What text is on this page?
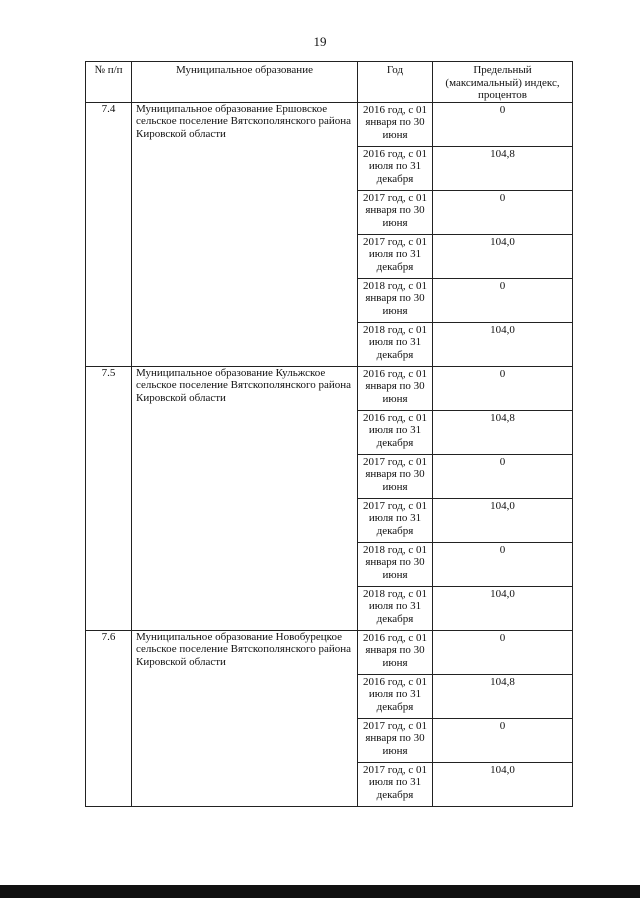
19
№ п/п	Муниципальное образование	Год	Предельный (максимальный) индекс, процентов
7.4	Муниципальное образование Ершовское сельское поселение Вятскополянского района Кировской области	2016 год, с 01 января по 30 июня	0
		2016 год, с 01 июля по 31 декабря	104,8
		2017 год, с 01 января по 30 июня	0
		2017 год, с 01 июля по 31 декабря	104,0
		2018 год, с 01 января по 30 июня	0
		2018 год, с 01 июля по 31 декабря	104,0
7.5	Муниципальное образование Кульжское сельское поселение Вятскополянского района Кировской области	2016 год, с 01 января по 30 июня	0
		2016 год, с 01 июля по 31 декабря	104,8
		2017 год, с 01 января по 30 июня	0
		2017 год, с 01 июля по 31 декабря	104,0
		2018 год, с 01 января по 30 июня	0
		2018 год, с 01 июля по 31 декабря	104,0
7.6	Муниципальное образование Новобурецкое сельское поселение Вятскополянского района Кировской области	2016 год, с 01 января по 30 июня	0
		2016 год, с 01 июля по 31 декабря	104,8
		2017 год, с 01 января по 30 июня	0
		2017 год, с 01 июля по 31 декабря	104,0
